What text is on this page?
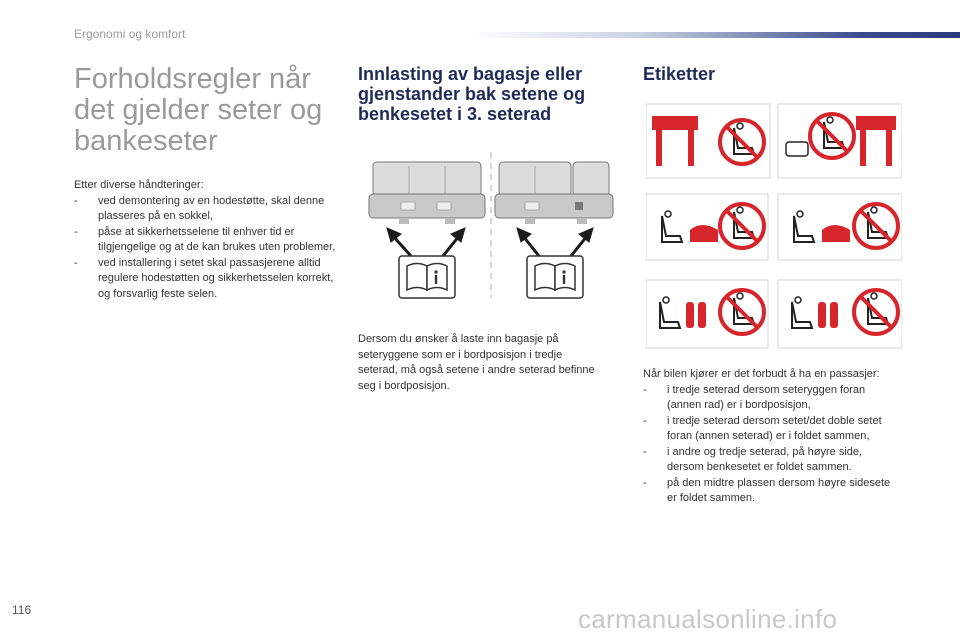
Ergonomi og komfort
Forholdsregler når
det gjelder seter og
bankeseter

Etter diverse håndteringer:

- ved demontering av en hodestøtte, skal denne plasseres på en sokkel,
- påse at sikkerhetsselene til enhver tid er tilgjengelige og at de kan brukes uten problemer,
- ved installering i setet skal passasjerene alltid regulere hodestøtten og sikkerhetsselen korrekt, og forsvarlig feste selen.
Innlasting av bagasje eller
gjenstander bak setene og
benkesetet i 3. seterad

Dersom du ønsker å laste inn bagasje på seteryggene som er i bordposisjon i tredje seterad, må også setene i andre seterad befinne seg i bordposisjon.

Etiketter

Når bilen kjører er det forbudt å ha en passasjer:

- i tredje seterad dersom seteryggen foran (annen rad) er i bordposisjon,
- i tredje seterad dersom setet/det doble setet foran (annen seterad) er i foldet sammen,
- i andre og tredje seterad, på høyre side, dersom benkesetet er foldet sammen.
- på den midtre plassen dersom høyre sidesete er foldet sammen.
116	carmanualsonline.info
